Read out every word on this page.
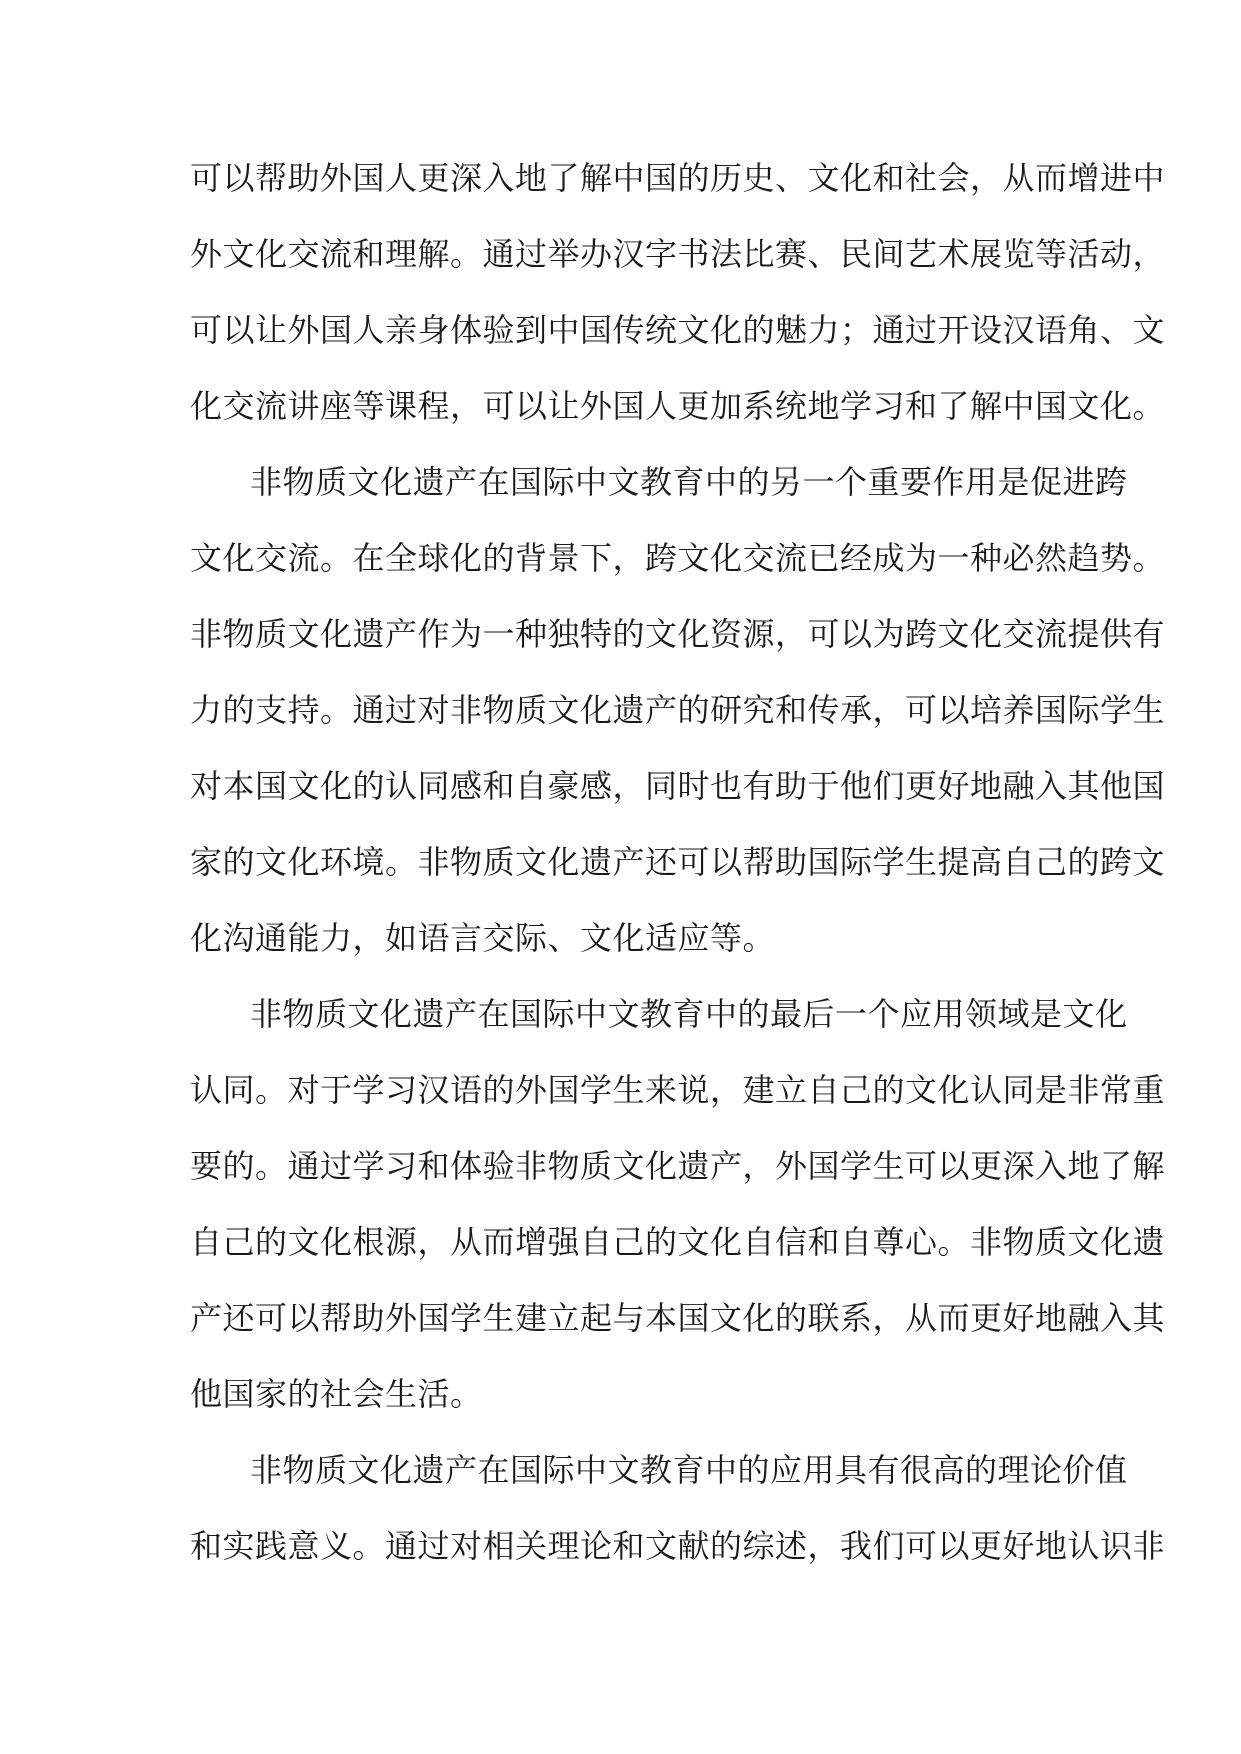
可以帮助外国人更深入地了解中国的历史、文化和社会，从而增进中
外文化交流和理解。通过举办汉字书法比赛、民间艺术展览等活动，
可以让外国人亲身体验到中国传统文化的魅力；通过开设汉语角、文
化交流讲座等课程，可以让外国人更加系统地学习和了解中国文化。
非物质文化遗产在国际中文教育中的另一个重要作用是促进跨
文化交流。在全球化的背景下，跨文化交流已经成为一种必然趋势。
非物质文化遗产作为一种独特的文化资源，可以为跨文化交流提供有
力的支持。通过对非物质文化遗产的研究和传承，可以培养国际学生
对本国文化的认同感和自豪感，同时也有助于他们更好地融入其他国
家的文化环境。非物质文化遗产还可以帮助国际学生提高自己的跨文
化沟通能力，如语言交际、文化适应等。
非物质文化遗产在国际中文教育中的最后一个应用领域是文化
认同。对于学习汉语的外国学生来说，建立自己的文化认同是非常重
要的。通过学习和体验非物质文化遗产，外国学生可以更深入地了解
自己的文化根源，从而增强自己的文化自信和自尊心。非物质文化遗
产还可以帮助外国学生建立起与本国文化的联系，从而更好地融入其
他国家的社会生活。
非物质文化遗产在国际中文教育中的应用具有很高的理论价值
和实践意义。通过对相关理论和文献的综述，我们可以更好地认识非
